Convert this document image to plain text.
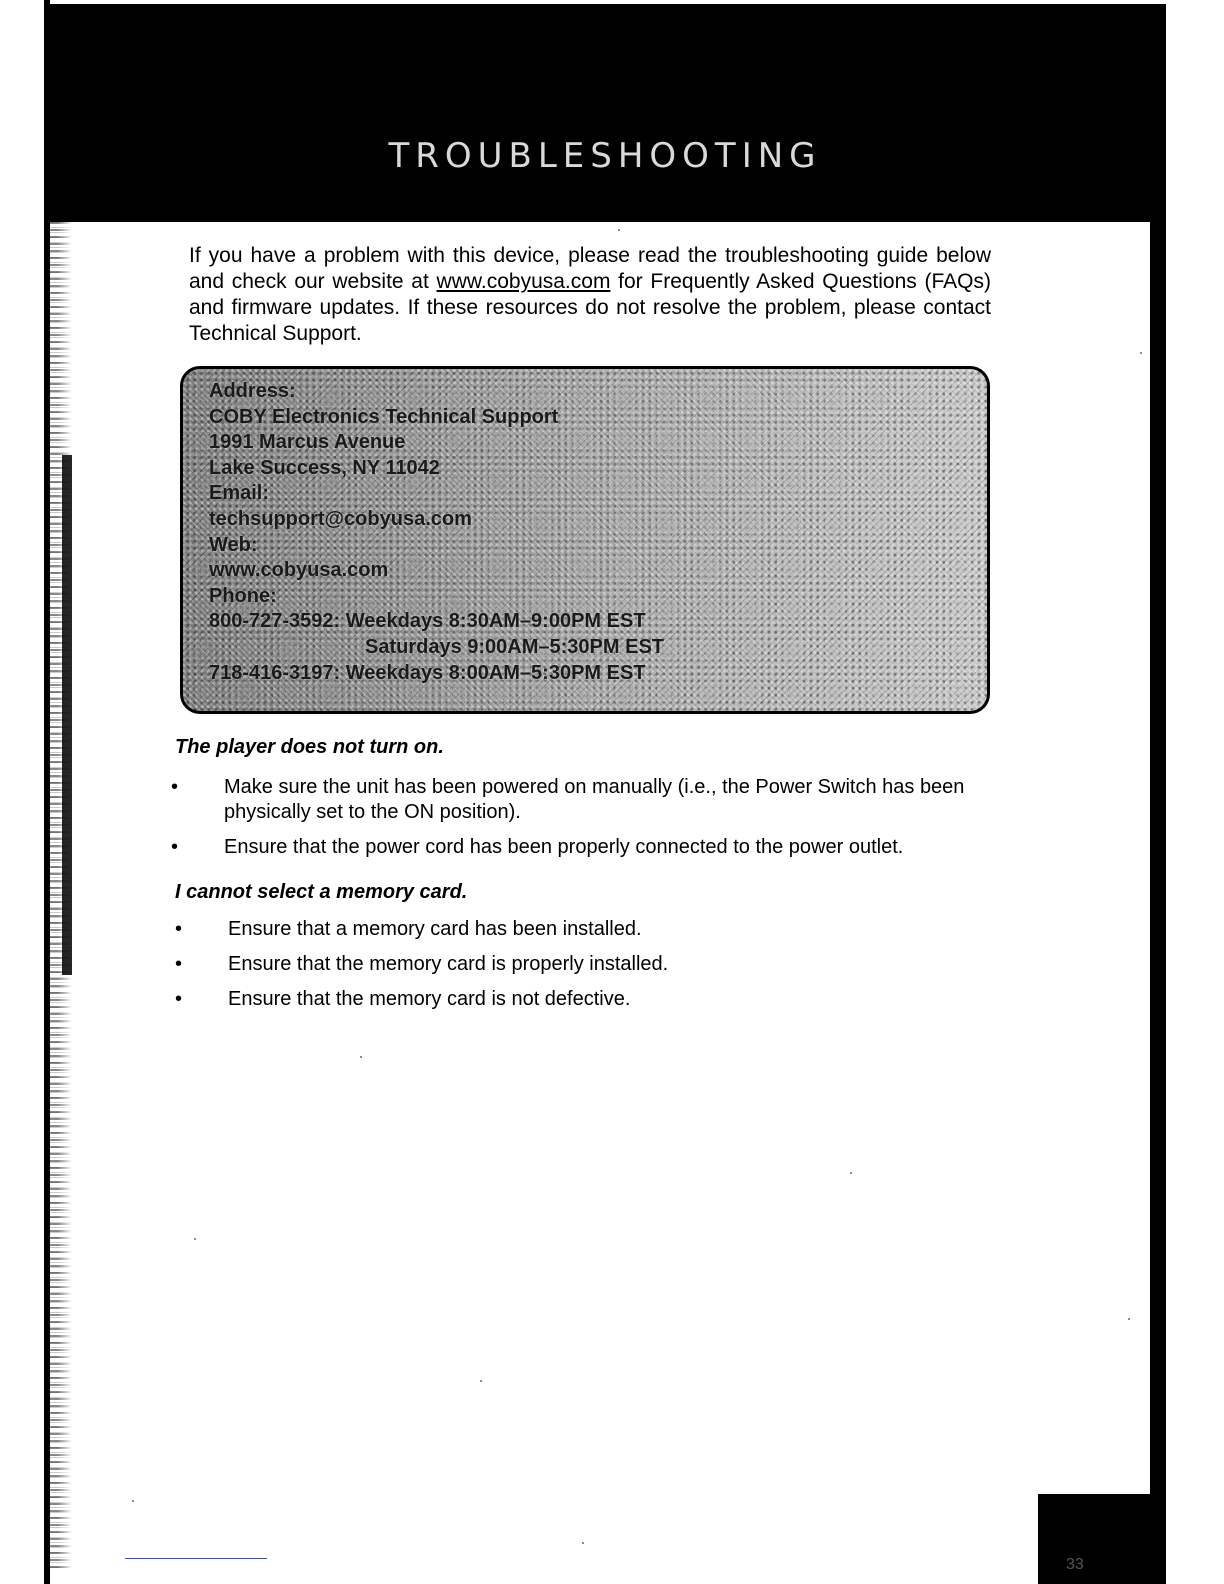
TROUBLESHOOTING

If you have a problem with this device, please read the troubleshooting guide below and check our website at www.cobyusa.com for Frequently Asked Questions (FAQs) and firmware updates. If these resources do not resolve the problem, please contact Technical Support.

Address:
COBY Electronics Technical Support
1991 Marcus Avenue
Lake Success, NY 11042
Email:
techsupport@cobyusa.com
Web:
www.cobyusa.com
Phone:
800-727-3592: Weekdays 8:30AM–9:00PM EST
Saturdays 9:00AM–5:30PM EST
718-416-3197: Weekdays 8:00AM–5:30PM EST
The player does not turn on.
• Make sure the unit has been powered on manually (i.e., the Power Switch has been physically set to the ON position).
• Ensure that the power cord has been properly connected to the power outlet.
I cannot select a memory card.
• Ensure that a memory card has been installed.
• Ensure that the memory card is properly installed.
• Ensure that the memory card is not defective.
33
